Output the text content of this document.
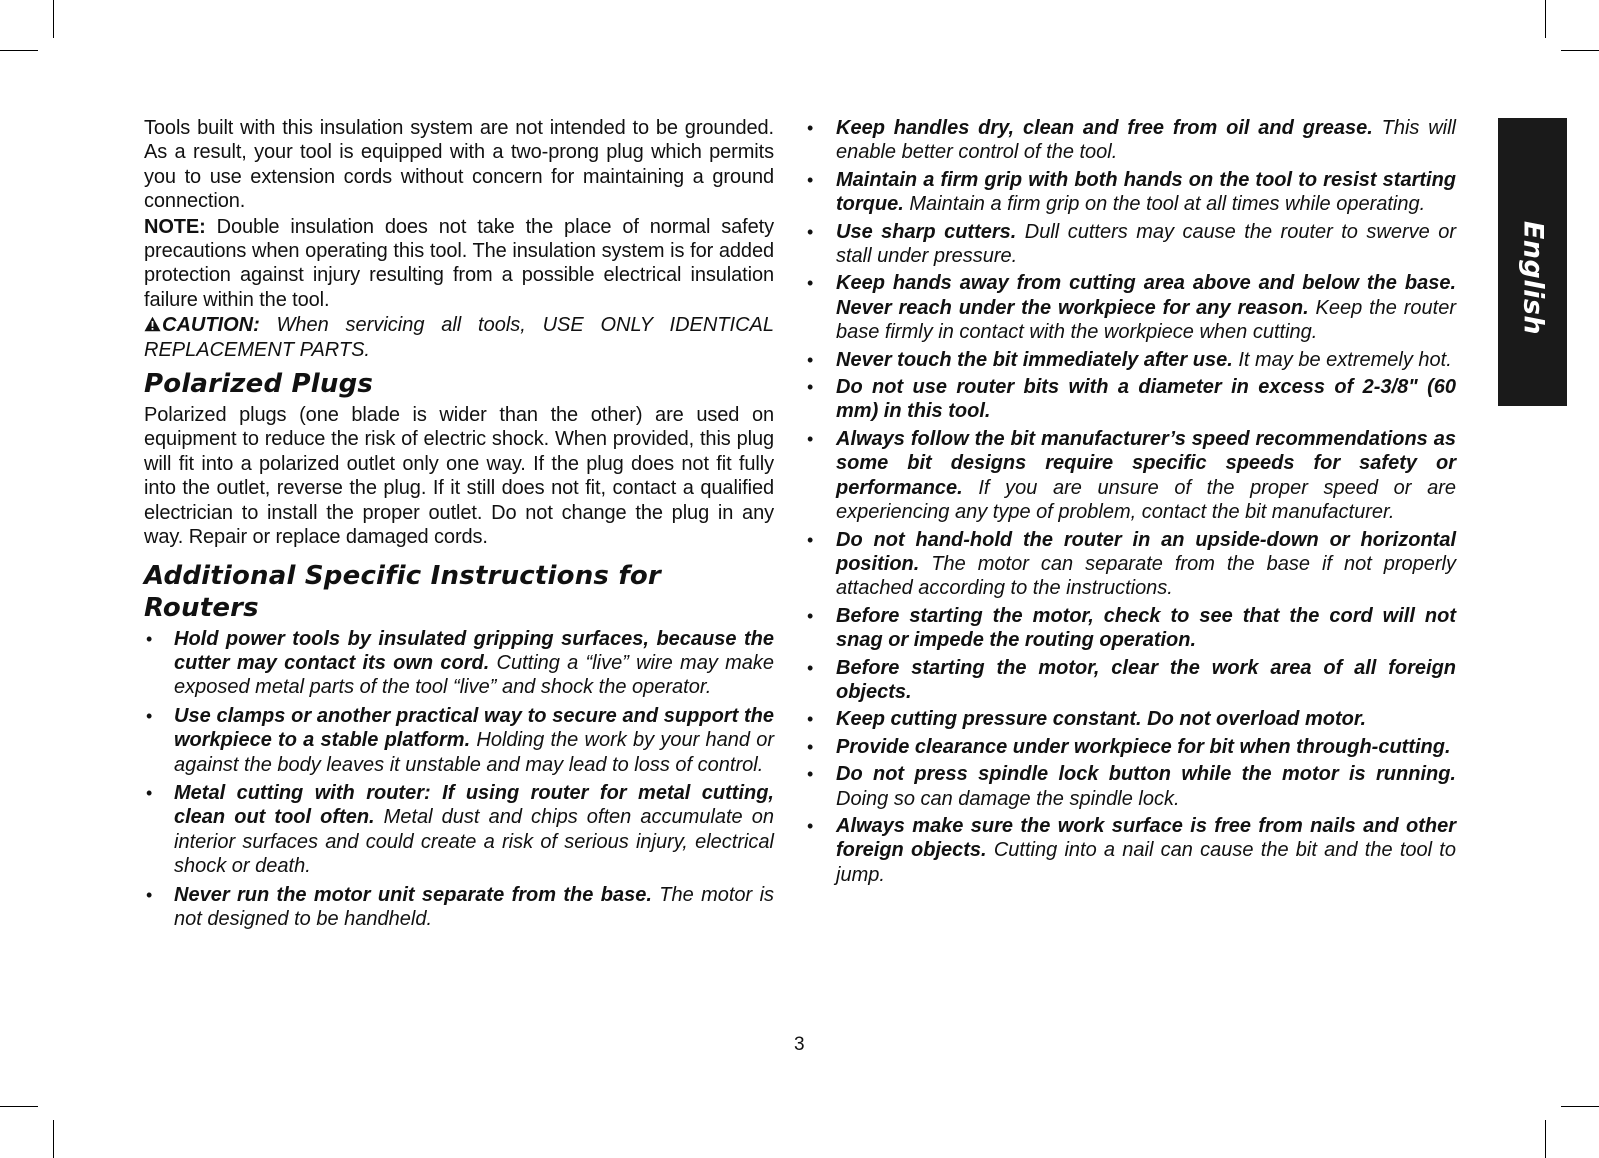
Tools built with this insulation system are not intended to be grounded. As a result, your tool is equipped with a two-prong plug which permits you to use extension cords without concern for maintaining a ground connection.

NOTE: Double insulation does not take the place of normal safety precautions when operating this tool. The insulation system is for added protection against injury resulting from a possible electrical insulation failure within the tool.

CAUTION: When servicing all tools, USE ONLY IDENTICAL REPLACEMENT PARTS.

Polarized Plugs

Polarized plugs (one blade is wider than the other) are used on equipment to reduce the risk of electric shock. When provided, this plug will fit into a polarized outlet only one way. If the plug does not fit fully into the outlet, reverse the plug. If it still does not fit, contact a qualified electrician to install the proper outlet. Do not change the plug in any way. Repair or replace damaged cords.

Additional Specific Instructions for Routers
• Hold power tools by insulated gripping surfaces, because the cutter may contact its own cord. Cutting a “live” wire may make exposed metal parts of the tool “live” and shock the operator.
• Use clamps or another practical way to secure and support the workpiece to a stable platform. Holding the work by your hand or against the body leaves it unstable and may lead to loss of control.
• Metal cutting with router: If using router for metal cutting, clean out tool often. Metal dust and chips often accumulate on interior surfaces and could create a risk of serious injury, electrical shock or death.
• Never run the motor unit separate from the base. The motor is not designed to be handheld.
• Keep handles dry, clean and free from oil and grease. This will enable better control of the tool.
• Maintain a firm grip with both hands on the tool to resist starting torque. Maintain a firm grip on the tool at all times while operating.
• Use sharp cutters. Dull cutters may cause the router to swerve or stall under pressure.
• Keep hands away from cutting area above and below the base. Never reach under the workpiece for any reason. Keep the router base firmly in contact with the workpiece when cutting.
• Never touch the bit immediately after use. It may be extremely hot.
• Do not use router bits with a diameter in excess of 2-3/8" (60 mm) in this tool.
• Always follow the bit manufacturer’s speed recommendations as some bit designs require specific speeds for safety or performance. If you are unsure of the proper speed or are experiencing any type of problem, contact the bit manufacturer.
• Do not hand-hold the router in an upside-down or horizontal position. The motor can separate from the base if not properly attached according to the instructions.
• Before starting the motor, check to see that the cord will not snag or impede the routing operation.
• Before starting the motor, clear the work area of all foreign objects.
• Keep cutting pressure constant. Do not overload motor.
• Provide clearance under workpiece for bit when through-cutting.
• Do not press spindle lock button while the motor is running. Doing so can damage the spindle lock.
• Always make sure the work surface is free from nails and other foreign objects. Cutting into a nail can cause the bit and the tool to jump.
3
English
